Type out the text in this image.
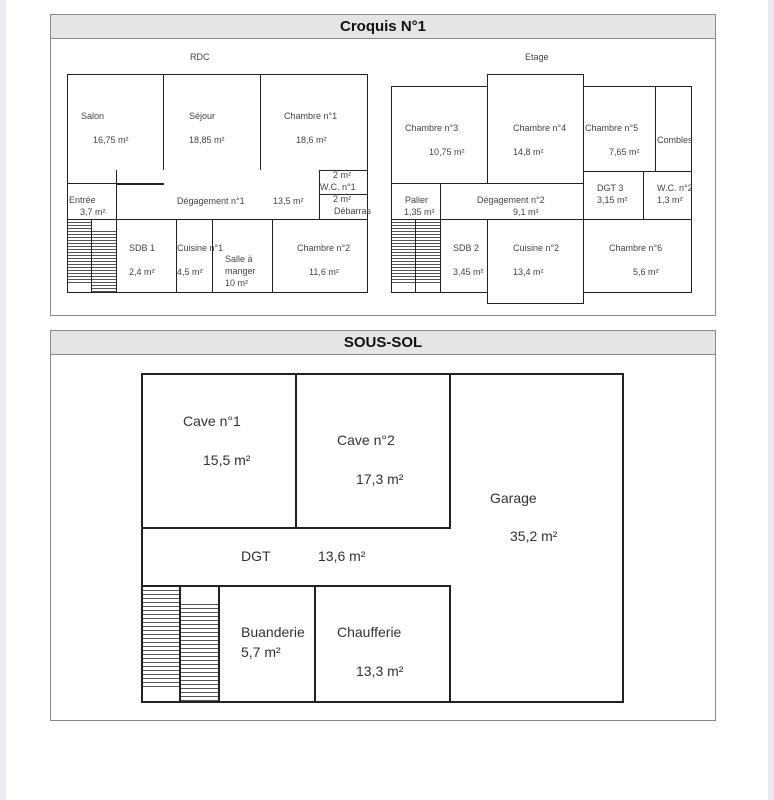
Croquis N°1
RDC	Etage
Salon
16,75 m²
Séjour
18,85 m²
Chambre n°1
18,6 m²
Entrée
3,7 m²
Dégagement n°1	13,5 m²
2 m²
W.C. n°1
2 m²
Débarras
SDB 1
2,4 m²
Cuisine n°1
4,5 m²
Salle à
manger
10 m²
Chambre n°2
11,6 m²
Chambre n°3
10,75 m²
Chambre n°4
14,8 m²
Chambre n°5
7,65 m²
Combles
Palier
1,35 m²
Dégagement n°2
9,1 m²
DGT 3
3,15 m²
W.C. n°2
1,3 m²
SDB 2
3,45 m²
Cuisine n°2
13,4 m²
Chambre n°6
5,6 m²
SOUS-SOL
Cave n°1
15,5 m²
Cave n°2
17,3 m²
Garage
35,2 m²
DGT	13,6 m²
Buanderie
5,7 m²
Chaufferie
13,3 m²
